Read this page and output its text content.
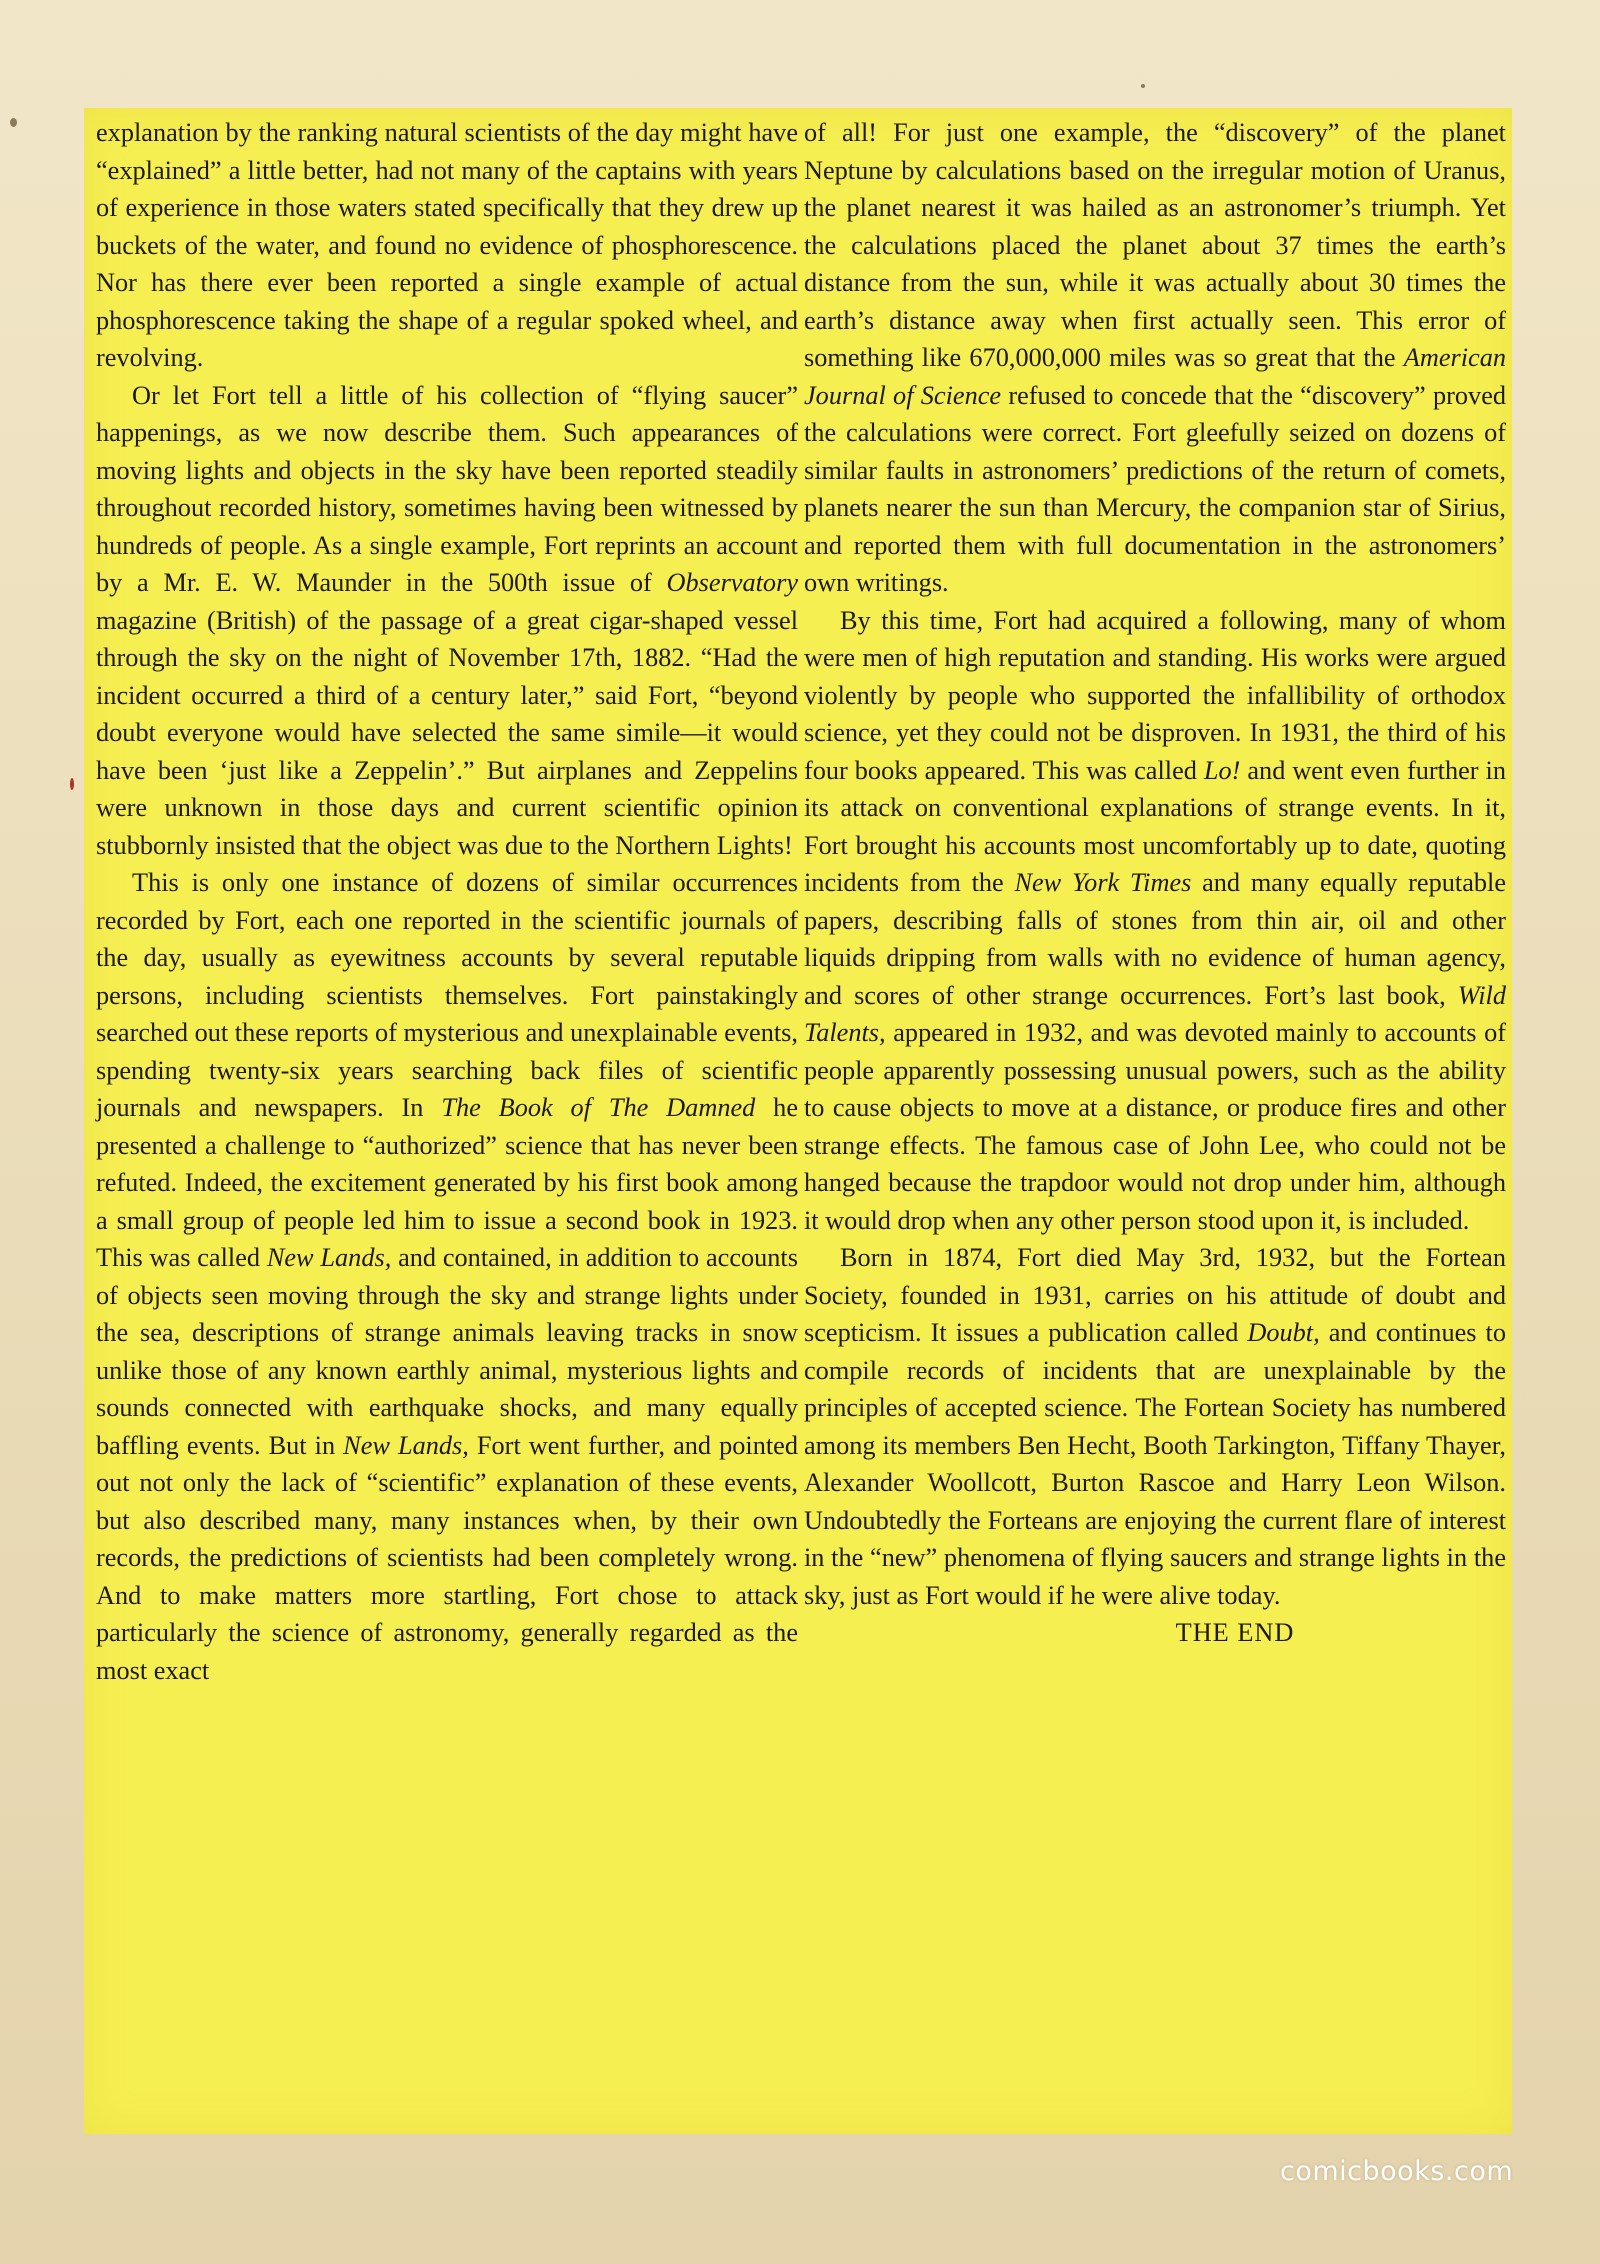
explanation by the ranking natural scientists of the day might have “explained” a little better, had not many of the captains with years of experience in those waters stated specifically that they drew up buckets of the water, and found no evidence of phosphorescence. Nor has there ever been reported a single example of actual phosphorescence taking the shape of a regular spoked wheel, and revolving.

Or let Fort tell a little of his collection of “flying saucer” happenings, as we now describe them. Such appearances of moving lights and objects in the sky have been reported steadily throughout recorded history, sometimes having been witnessed by hundreds of people. As a single example, Fort reprints an account by a Mr. E. W. Maunder in the 500th issue of Observatory magazine (British) of the passage of a great cigar-shaped vessel through the sky on the night of November 17th, 1882. “Had the incident occurred a third of a century later,” said Fort, “beyond doubt everyone would have selected the same simile—it would have been ‘just like a Zeppelin’.” But airplanes and Zeppelins were unknown in those days and current scientific opinion stubbornly insisted that the object was due to the Northern Lights!

This is only one instance of dozens of similar occurrences recorded by Fort, each one reported in the scientific journals of the day, usually as eyewitness accounts by several reputable persons, including scientists themselves. Fort painstakingly searched out these reports of mysterious and unexplainable events, spending twenty-six years searching back files of scientific journals and newspapers. In The Book of The Damned he presented a challenge to “authorized” science that has never been refuted. Indeed, the excitement generated by his first book among a small group of people led him to issue a second book in 1923. This was called New Lands, and contained, in addition to accounts of objects seen moving through the sky and strange lights under the sea, descriptions of strange animals leaving tracks in snow unlike those of any known earthly animal, mysterious lights and sounds connected with earthquake shocks, and many equally baffling events. But in New Lands, Fort went further, and pointed out not only the lack of “scientific” explanation of these events, but also described many, many instances when, by their own records, the predictions of scientists had been completely wrong. And to make matters more startling, Fort chose to attack particularly the science of astronomy, generally regarded as the most exact

of all! For just one example, the “discovery” of the planet Neptune by calculations based on the irregular motion of Uranus, the planet nearest it was hailed as an astronomer’s triumph. Yet the calculations placed the planet about 37 times the earth’s distance from the sun, while it was actually about 30 times the earth’s distance away when first actually seen. This error of something like 670,000,000 miles was so great that the American Journal of Science refused to concede that the “discovery” proved the calculations were correct. Fort gleefully seized on dozens of similar faults in astronomers’ predictions of the return of comets, planets nearer the sun than Mercury, the companion star of Sirius, and reported them with full documentation in the astronomers’ own writings.

By this time, Fort had acquired a following, many of whom were men of high reputation and standing. His works were argued violently by people who supported the infallibility of orthodox science, yet they could not be disproven. In 1931, the third of his four books appeared. This was called Lo! and went even further in its attack on conventional explanations of strange events. In it, Fort brought his accounts most uncomfortably up to date, quoting incidents from the New York Times and many equally reputable papers, describing falls of stones from thin air, oil and other liquids dripping from walls with no evidence of human agency, and scores of other strange occurrences. Fort’s last book, Wild Talents, appeared in 1932, and was devoted mainly to accounts of people apparently possessing unusual powers, such as the ability to cause objects to move at a distance, or produce fires and other strange effects. The famous case of John Lee, who could not be hanged because the trapdoor would not drop under him, although it would drop when any other person stood upon it, is included.

Born in 1874, Fort died May 3rd, 1932, but the Fortean Society, founded in 1931, carries on his attitude of doubt and scepticism. It issues a publication called Doubt, and continues to compile records of incidents that are unexplainable by the principles of accepted science. The Fortean Society has numbered among its members Ben Hecht, Booth Tarkington, Tiffany Thayer, Alexander Woollcott, Burton Rascoe and Harry Leon Wilson. Undoubtedly the Forteans are enjoying the current flare of interest in the “new” phenomena of flying saucers and strange lights in the sky, just as Fort would if he were alive today.

THE END

comicbooks.com
